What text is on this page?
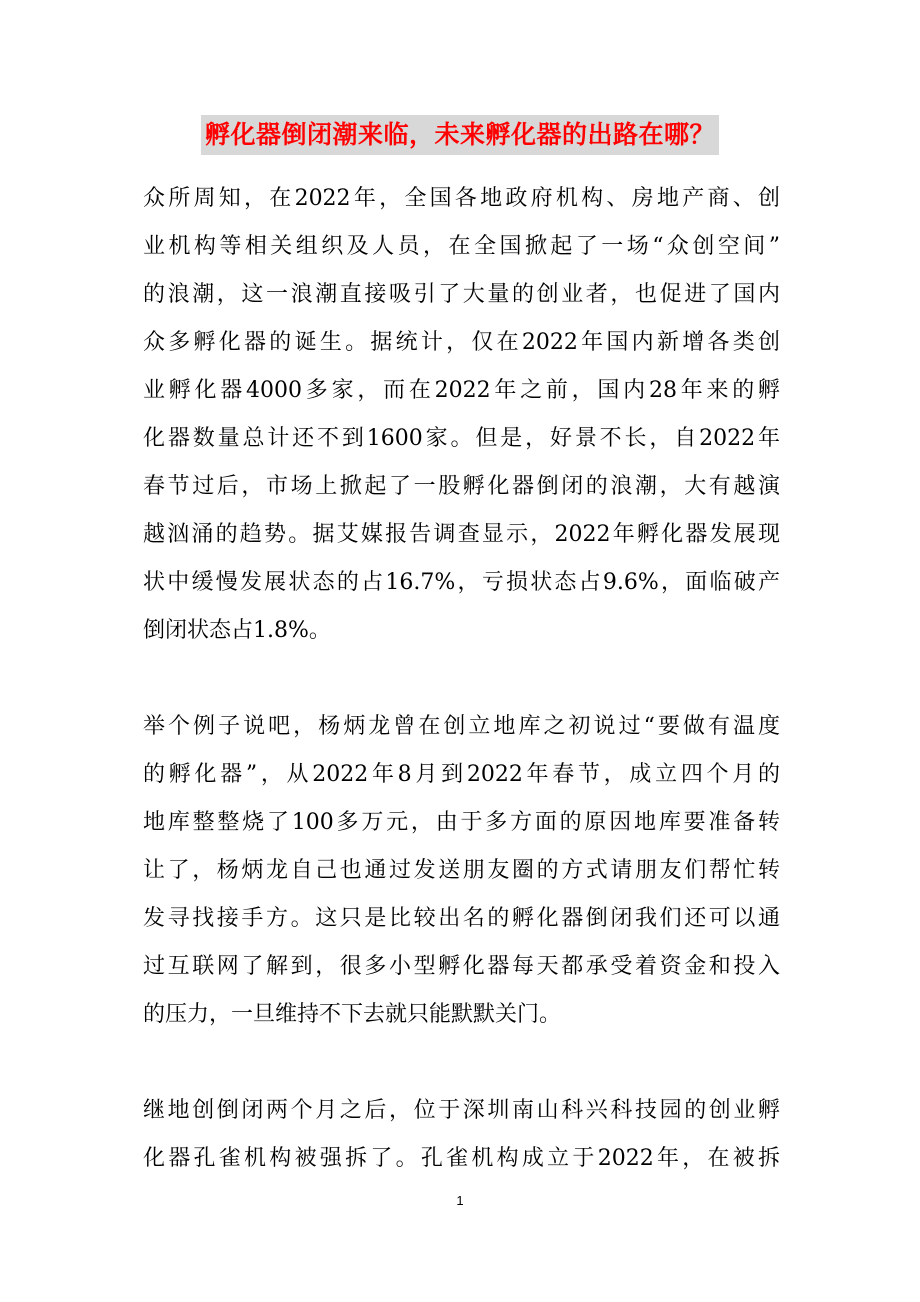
孵化器倒闭潮来临，未来孵化器的出路在哪？
众所周知，在2022年，全国各地政府机构、房地产商、创
业机构等相关组织及人员，在全国掀起了一场“众创空间”
的浪潮，这一浪潮直接吸引了大量的创业者，也促进了国内
众多孵化器的诞生。据统计，仅在2022年国内新增各类创
业孵化器4000多家，而在2022年之前，国内28年来的孵
化器数量总计还不到1600家。但是，好景不长，自2022年
春节过后，市场上掀起了一股孵化器倒闭的浪潮，大有越演
越汹涌的趋势。据艾媒报告调查显示，2022年孵化器发展现
状中缓慢发展状态的占16.7%，亏损状态占9.6%，面临破产
倒闭状态占1.8%。
举个例子说吧，杨炳龙曾在创立地库之初说过“要做有温度
的孵化器”，从2022年8月到2022年春节，成立四个月的
地库整整烧了100多万元，由于多方面的原因地库要准备转
让了，杨炳龙自己也通过发送朋友圈的方式请朋友们帮忙转
发寻找接手方。这只是比较出名的孵化器倒闭我们还可以通
过互联网了解到，很多小型孵化器每天都承受着资金和投入
的压力，一旦维持不下去就只能默默关门。
继地创倒闭两个月之后，位于深圳南山科兴科技园的创业孵
化器孔雀机构被强拆了。孔雀机构成立于2022年，在被拆
1
